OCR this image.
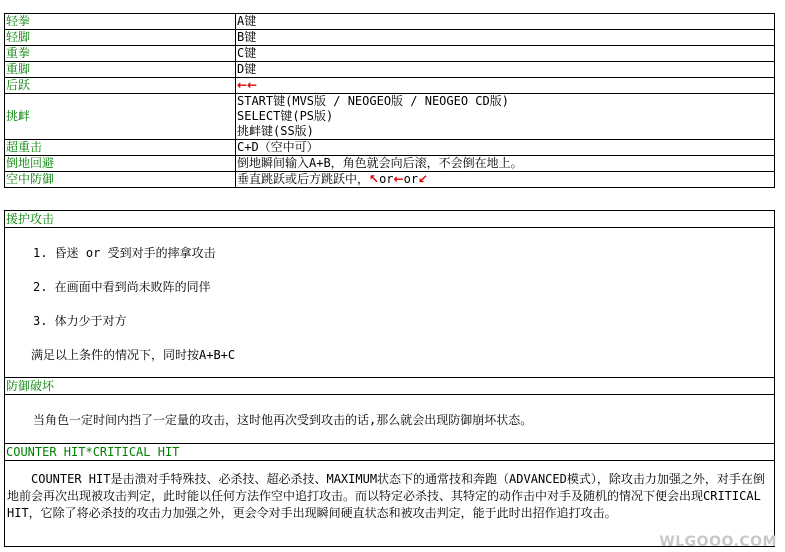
轻拳	A键
轻脚	B键
重拳	C键
重脚	D键
后跃	←←
挑衅	START键(MVS版 / NEOGEO版 / NEOGEO CD版)
SELECT键(PS版)
挑衅键(SS版)

超重击	C+D（空中可）
倒地回避	倒地瞬间输入A+B，角色就会向后滚，不会倒在地上。
空中防御	垂直跳跃或后方跳跃中，↖or←or↙
援护攻击
1. 昏迷 or 受到对手的摔拿攻击
2. 在画面中看到尚未败阵的同伴
3. 体力少于对方
满足以上条件的情况下，同时按A+B+C
防御破坏
当角色一定时间内挡了一定量的攻击，这时他再次受到攻击的话,那么就会出现防御崩坏状态。
COUNTER HIT*CRITICAL HIT
COUNTER HIT是击溃对手特殊技、必杀技、超必杀技、MAXIMUM状态下的通常技和奔跑（ADVANCED模式），除攻击力加强之外，对手在倒地前会再次出现被攻击判定，此时能以任何方法作空中追打攻击。而以特定必杀技、其特定的动作击中对手及随机的情况下便会出现CRITICAL HIT，它除了将必杀技的攻击力加强之外，更会令对手出现瞬间硬直状态和被攻击判定，能于此时出招作追打攻击。
WLGOOO.COM
